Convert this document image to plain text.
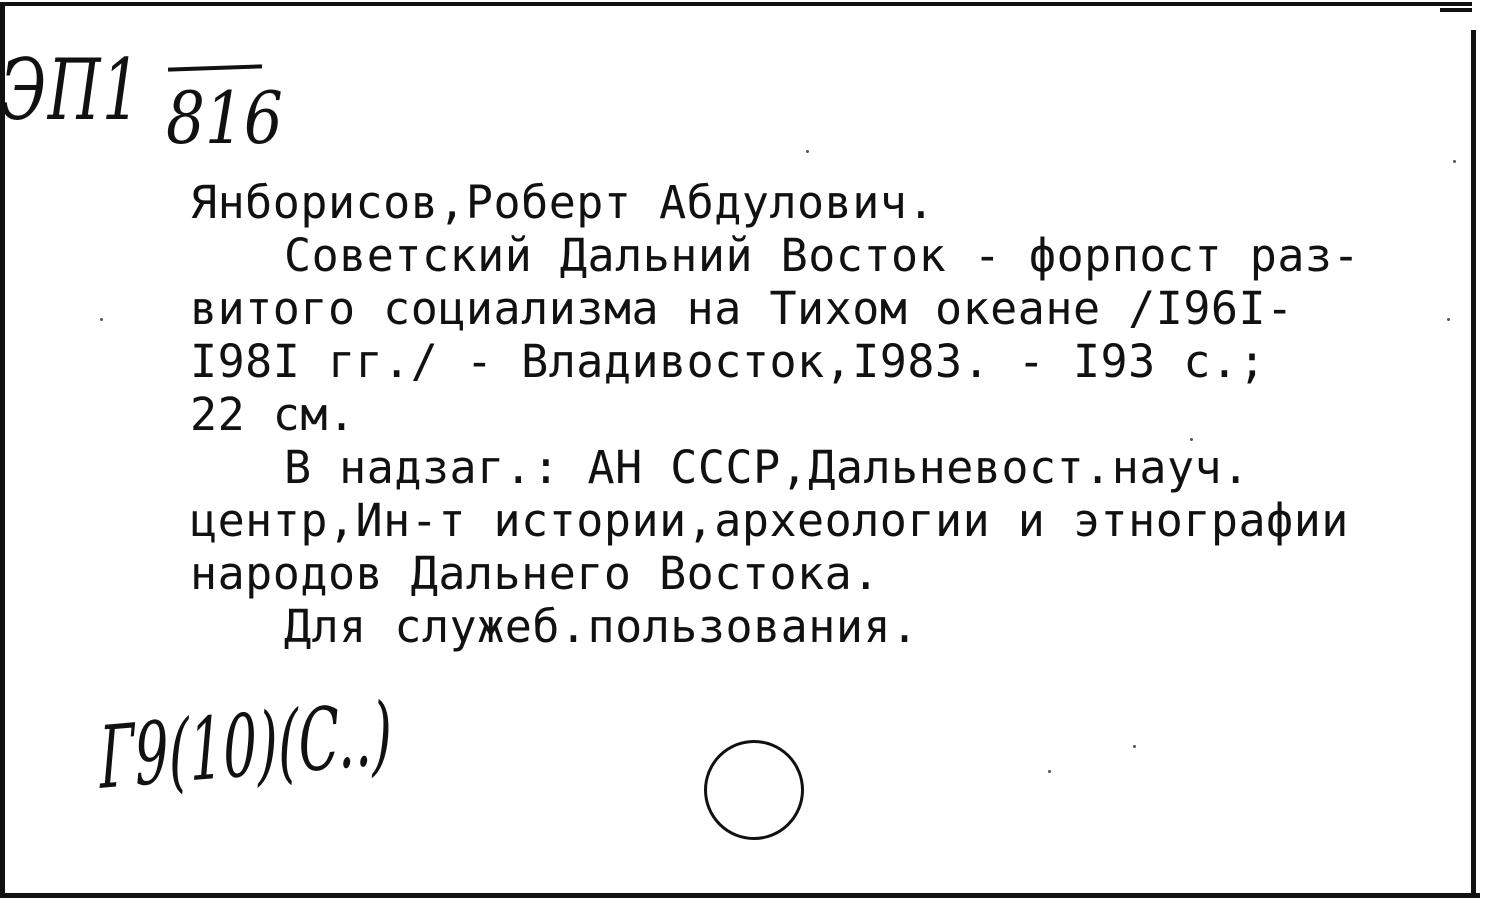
ЭП1 816
Янборисов,Роберт Абдулович.
Советский Дальний Восток - форпост раз-
витого социализма на Тихом океане /I96I-
I98I гг./ - Владивосток,I983. - I93 с.;
22 см.
В надзаг.: АН СССР,Дальневост.науч.
центр,Ин-т истории,археологии и этнографии
народов Дальнего Востока.
Для служеб.пользования.
Г9(10)(C..)
